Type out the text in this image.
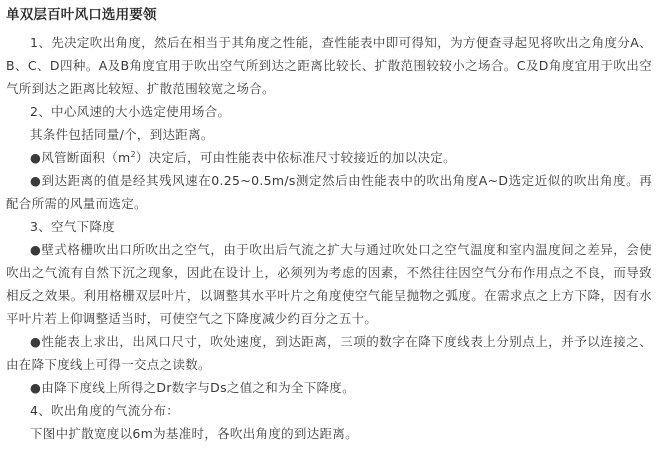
单双层百叶风口选用要领

1、先决定吹出角度，然后在相当于其角度之性能，查性能表中即可得知，为方便查寻起见将吹出之角度分A、B、C、D四种。A及B角度宜用于吹出空气所到达之距离比较长、扩散范围较较小之场合。C及D角度宜用于吹出空气所到达之距离比较短、扩散范围较宽之场合。

2、中心风速的大小选定使用场合。

其条件包括同量/个，到达距离。

●风管断面积$(m^2)$决定后，可由性能表中依标准尺寸较接近的加以决定。

●到达距离的值是经其残风速在0.25~0.5m/s测定然后由性能表中的吹出角度A~D选定近似的吹出角度。再配合所需的风量而选定。

3、空气下降度

●壁式格栅吹出口所吹出之空气，由于吹出后气流之扩大与通过吹处口之空气温度和室内温度间之差异，会使吹出之气流有自然下沉之现象，因此在设计上，必须列为考虑的因素，不然往往因空气分布作用点之不良，而导致相反之效果。利用格栅双层叶片，以调整其水平叶片之角度使空气能呈抛物之弧度。在需求点之上方下降，因有水平叶片若上仰调整适当时，可使空气之下降度减少约百分之五十。

●性能表上求出，出风口尺寸，吹处速度，到达距离，三项的数字在降下度线表上分别点上，并予以连接之、由在降下度线上可得一交点之读数。

●由降下度线上所得之Dr数字与Ds之值之和为全下降度。

4、吹出角度的气流分布：

下图中扩散宽度以6m为基准时，各吹出角度的到达距离。
